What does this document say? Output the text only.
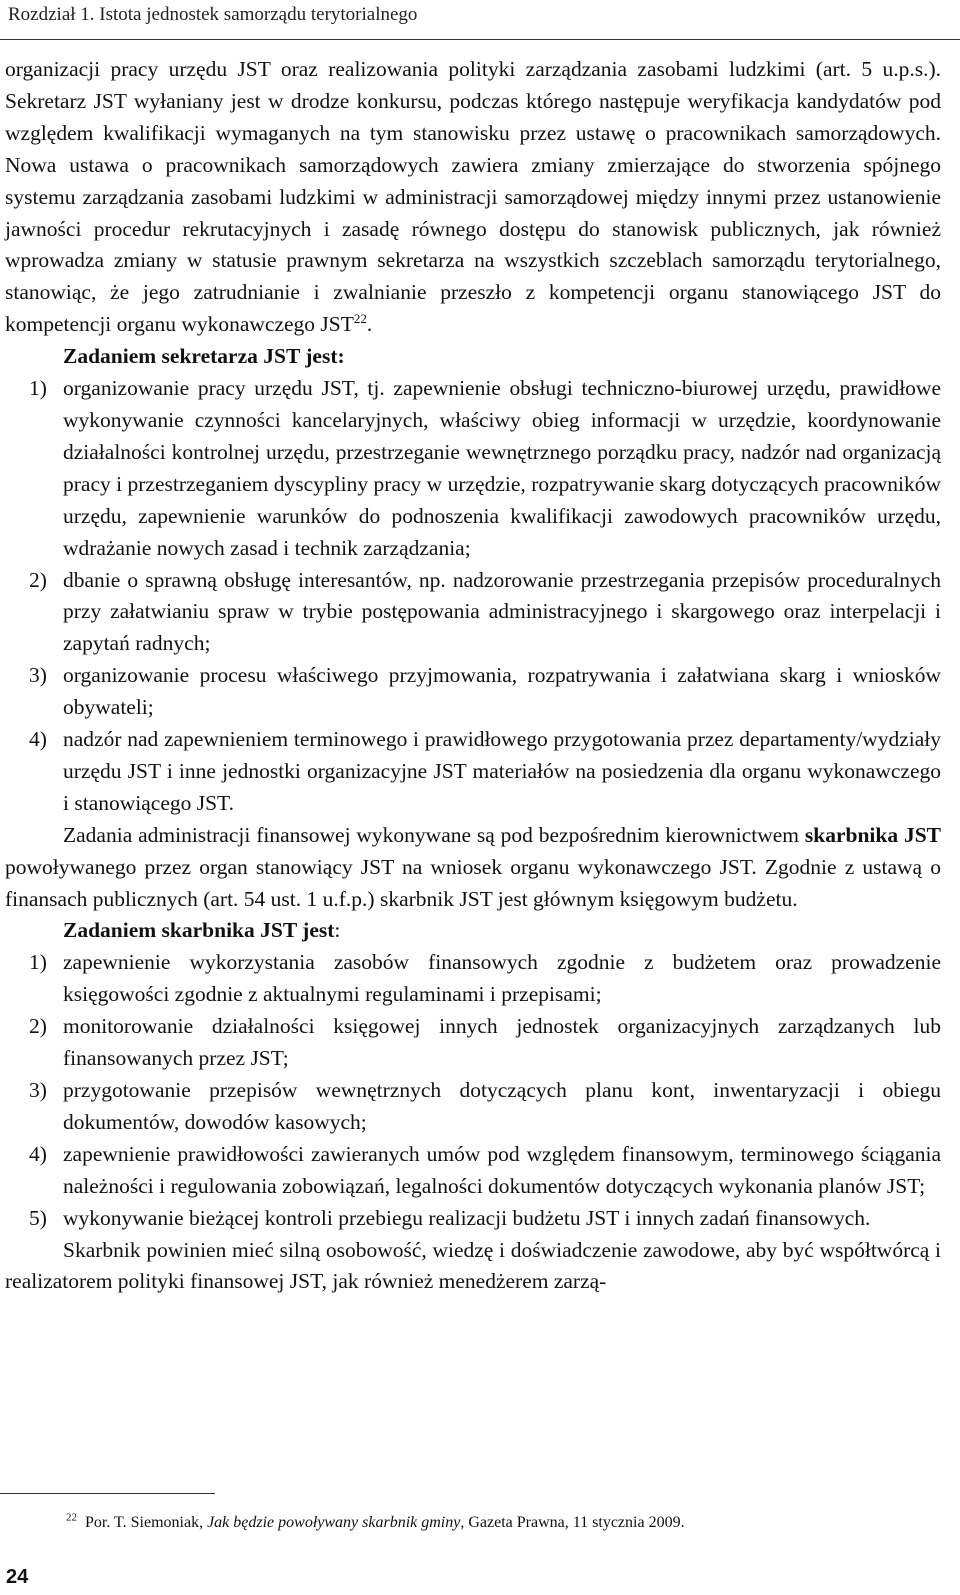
Rozdział 1. Istota jednostek samorządu terytorialnego

organizacji pracy urzędu JST oraz realizowania polityki zarządzania zasobami ludzkimi (art. 5 u.p.s.). Sekretarz JST wyłaniany jest w drodze konkursu, podczas którego następuje weryfikacja kandydatów pod względem kwalifikacji wymaganych na tym stanowisku przez ustawę o pracownikach samorządowych. Nowa ustawa o pracownikach samorządowych zawiera zmiany zmierzające do stworzenia spójnego systemu zarządzania zasobami ludzkimi w administracji samorządowej między innymi przez ustanowienie jawności procedur rekrutacyjnych i zasadę równego dostępu do stanowisk publicznych, jak również wprowadza zmiany w statusie prawnym sekretarza na wszystkich szczeblach samorządu terytorialnego, stanowiąc, że jego zatrudnianie i zwalnianie przeszło z kompetencji organu stanowiącego JST do kompetencji organu wykonawczego JST$^{22}$.

Zadaniem sekretarza JST jest:

1) organizowanie pracy urzędu JST, tj. zapewnienie obsługi techniczno-biurowej urzędu, prawidłowe wykonywanie czynności kancelaryjnych, właściwy obieg informacji w urzędzie, koordynowanie działalności kontrolnej urzędu, przestrzeganie wewnętrznego porządku pracy, nadzór nad organizacją pracy i przestrzeganiem dyscypliny pracy w urzędzie, rozpatrywanie skarg dotyczących pracowników urzędu, zapewnienie warunków do podnoszenia kwalifikacji zawodowych pracowników urzędu, wdrażanie nowych zasad i technik zarządzania;
2) dbanie o sprawną obsługę interesantów, np. nadzorowanie przestrzegania przepisów proceduralnych przy załatwianiu spraw w trybie postępowania administracyjnego i skargowego oraz interpelacji i zapytań radnych;
3) organizowanie procesu właściwego przyjmowania, rozpatrywania i załatwiana skarg i wniosków obywateli;
4) nadzór nad zapewnieniem terminowego i prawidłowego przygotowania przez departamenty/wydziały urzędu JST i inne jednostki organizacyjne JST materiałów na posiedzenia dla organu wykonawczego i stanowiącego JST.

Zadania administracji finansowej wykonywane są pod bezpośrednim kierownictwem skarbnika JST powoływanego przez organ stanowiący JST na wniosek organu wykonawczego JST. Zgodnie z ustawą o finansach publicznych (art. 54 ust. 1 u.f.p.) skarbnik JST jest głównym księgowym budżetu.

Zadaniem skarbnika JST jest:

1) zapewnienie wykorzystania zasobów finansowych zgodnie z budżetem oraz prowadzenie księgowości zgodnie z aktualnymi regulaminami i przepisami;
2) monitorowanie działalności księgowej innych jednostek organizacyjnych zarządzanych lub finansowanych przez JST;
3) przygotowanie przepisów wewnętrznych dotyczących planu kont, inwentaryzacji i obiegu dokumentów, dowodów kasowych;
4) zapewnienie prawidłowości zawieranych umów pod względem finansowym, terminowego ściągania należności i regulowania zobowiązań, legalności dokumentów dotyczących wykonania planów JST;
5) wykonywanie bieżącej kontroli przebiegu realizacji budżetu JST i innych zadań finansowych.

Skarbnik powinien mieć silną osobowość, wiedzę i doświadczenie zawodowe, aby być współtwórcą i realizatorem polityki finansowej JST, jak również menedżerem zarzą-

$^{22}$ Por. T. Siemoniak, Jak będzie powoływany skarbnik gminy, Gazeta Prawna, 11 stycznia 2009.
24
